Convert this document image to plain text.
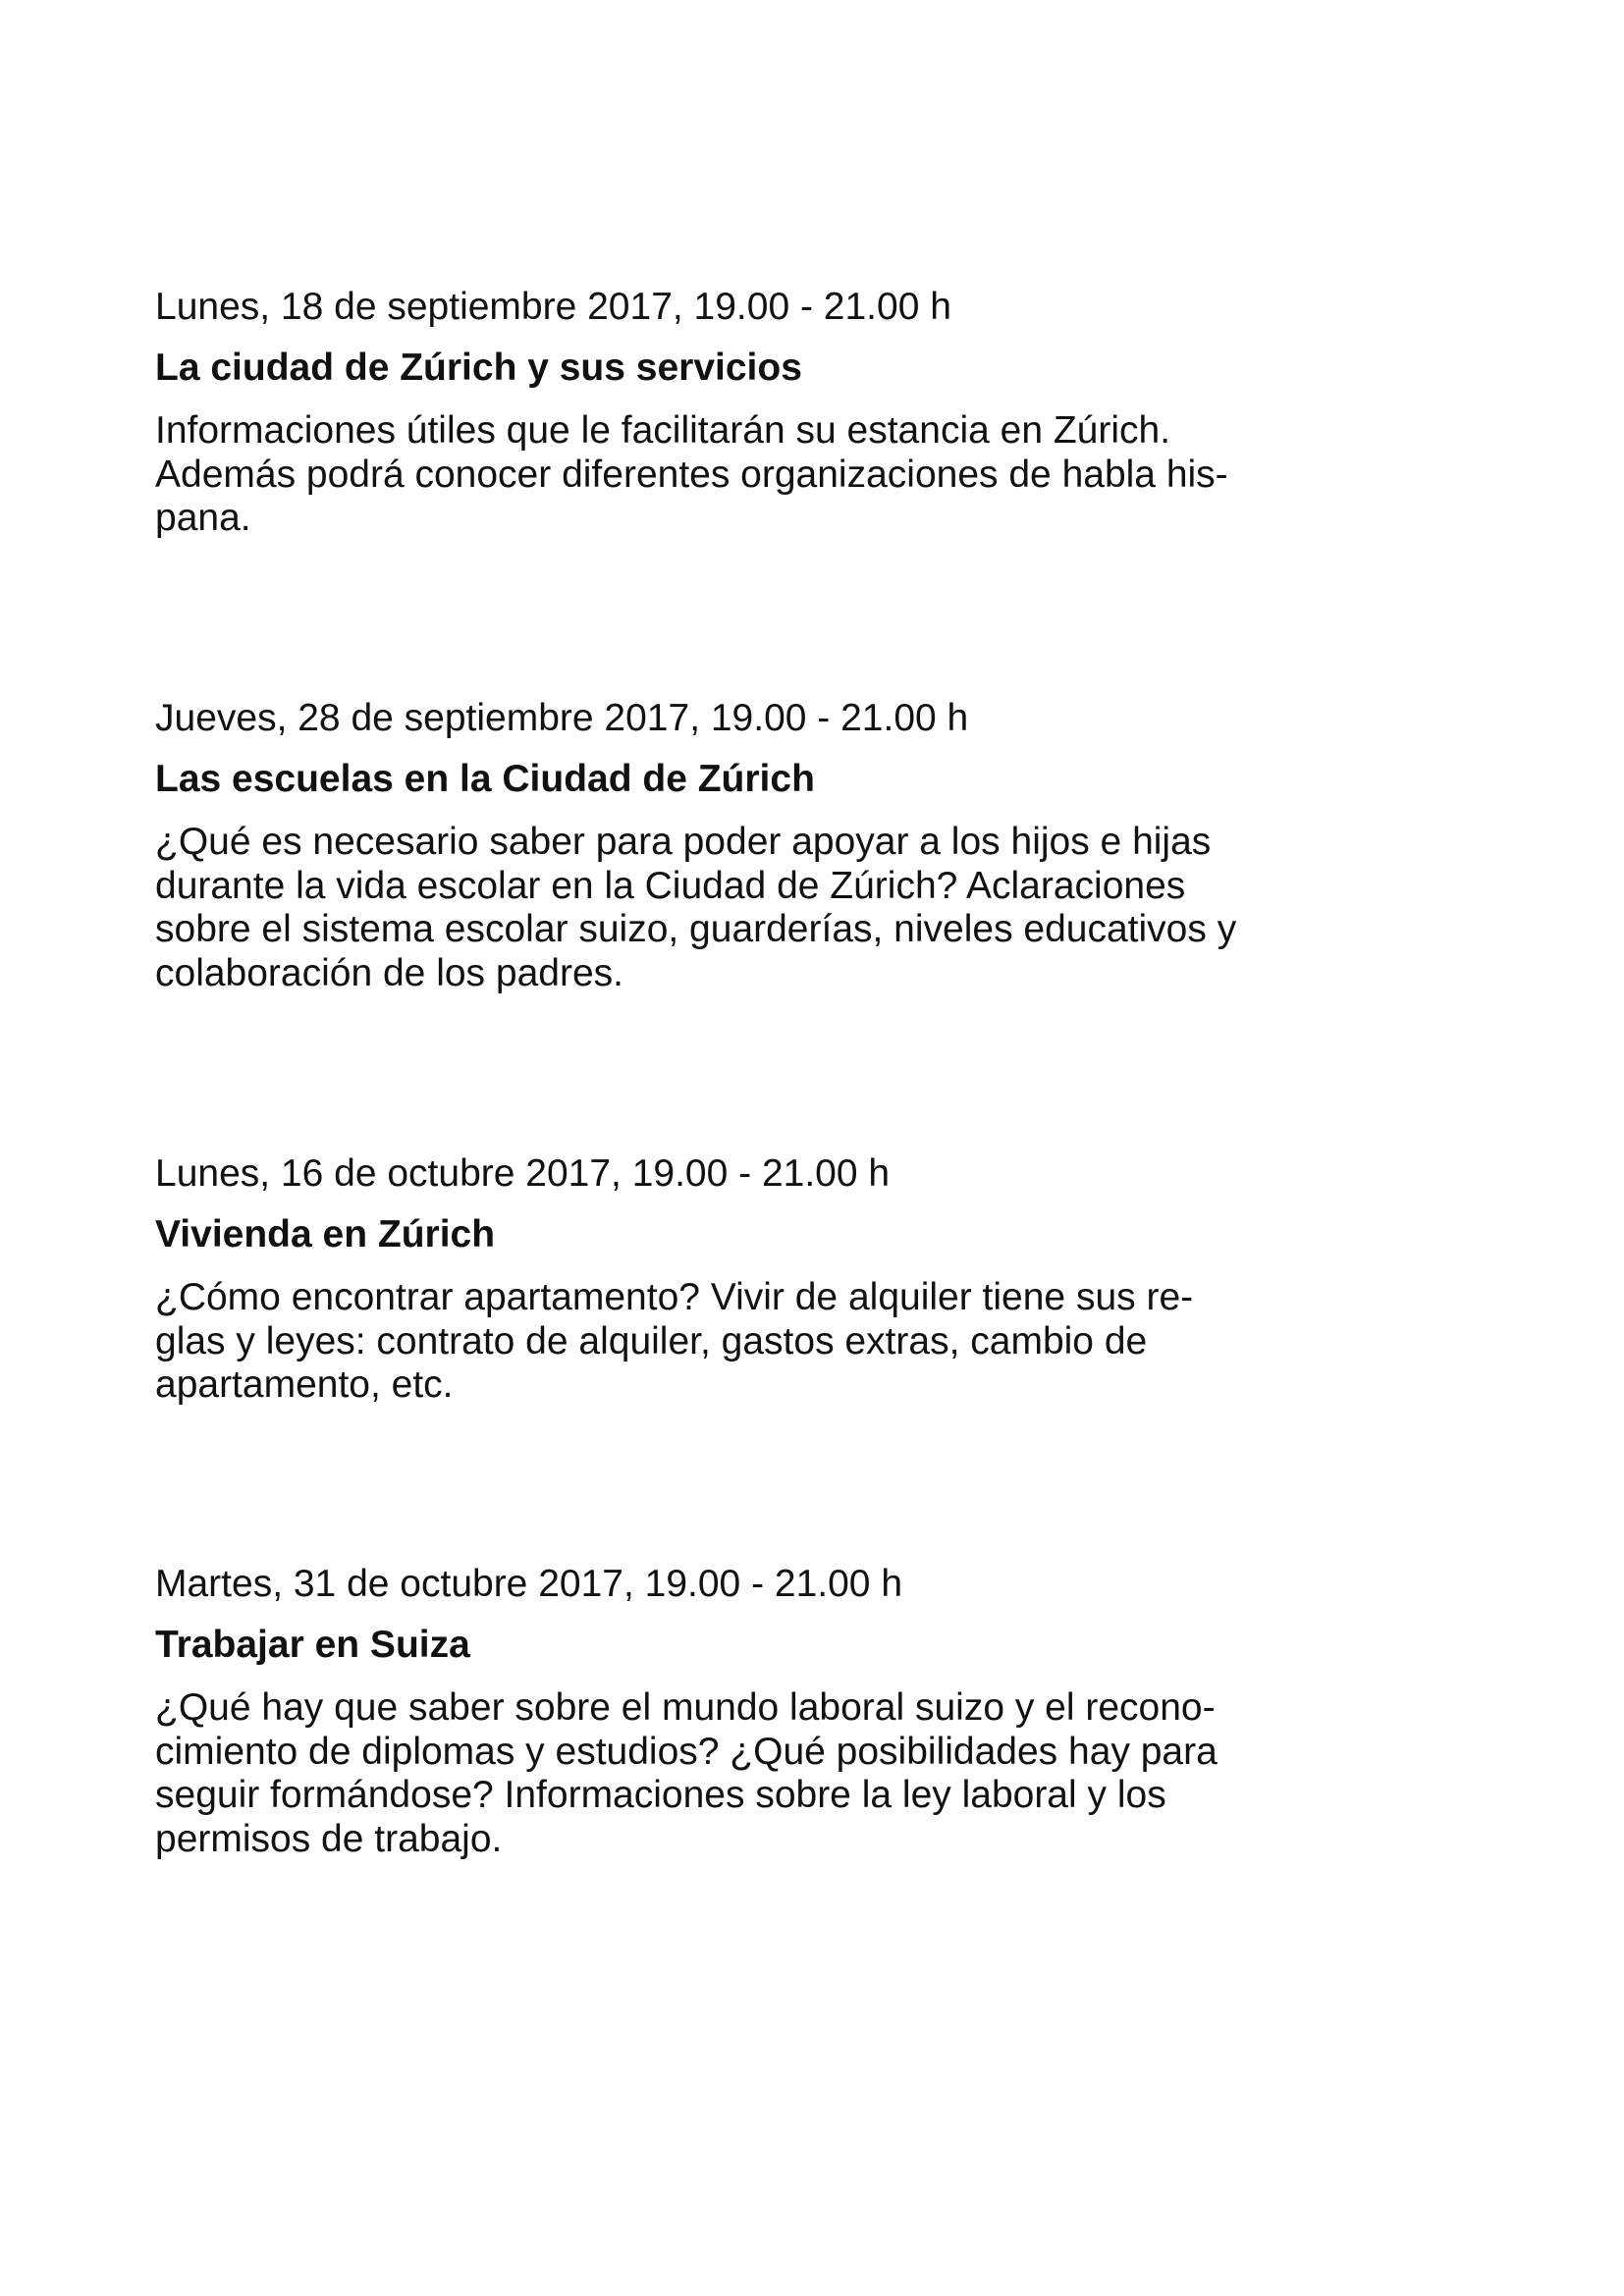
Lunes, 18 de septiembre 2017, 19.00 - 21.00 h

La ciudad de Zúrich y sus servicios

Informaciones útiles que le facilitarán su estancia en Zúrich.
Además podrá conocer diferentes organizaciones de habla his-
pana.

Jueves, 28 de septiembre 2017, 19.00 - 21.00 h

Las escuelas en la Ciudad de Zúrich

¿Qué es necesario saber para poder apoyar a los hijos e hijas
durante la vida escolar en la Ciudad de Zúrich? Aclaraciones
sobre el sistema escolar suizo, guarderías, niveles educativos y
colaboración de los padres.

Lunes, 16 de octubre 2017, 19.00 - 21.00 h

Vivienda en Zúrich

¿Cómo encontrar apartamento? Vivir de alquiler tiene sus re-
glas y leyes: contrato de alquiler, gastos extras, cambio de
apartamento, etc.

Martes, 31 de octubre 2017, 19.00 - 21.00 h

Trabajar en Suiza

¿Qué hay que saber sobre el mundo laboral suizo y el recono-
cimiento de diplomas y estudios? ¿Qué posibilidades hay para
seguir formándose? Informaciones sobre la ley laboral y los
permisos de trabajo.
